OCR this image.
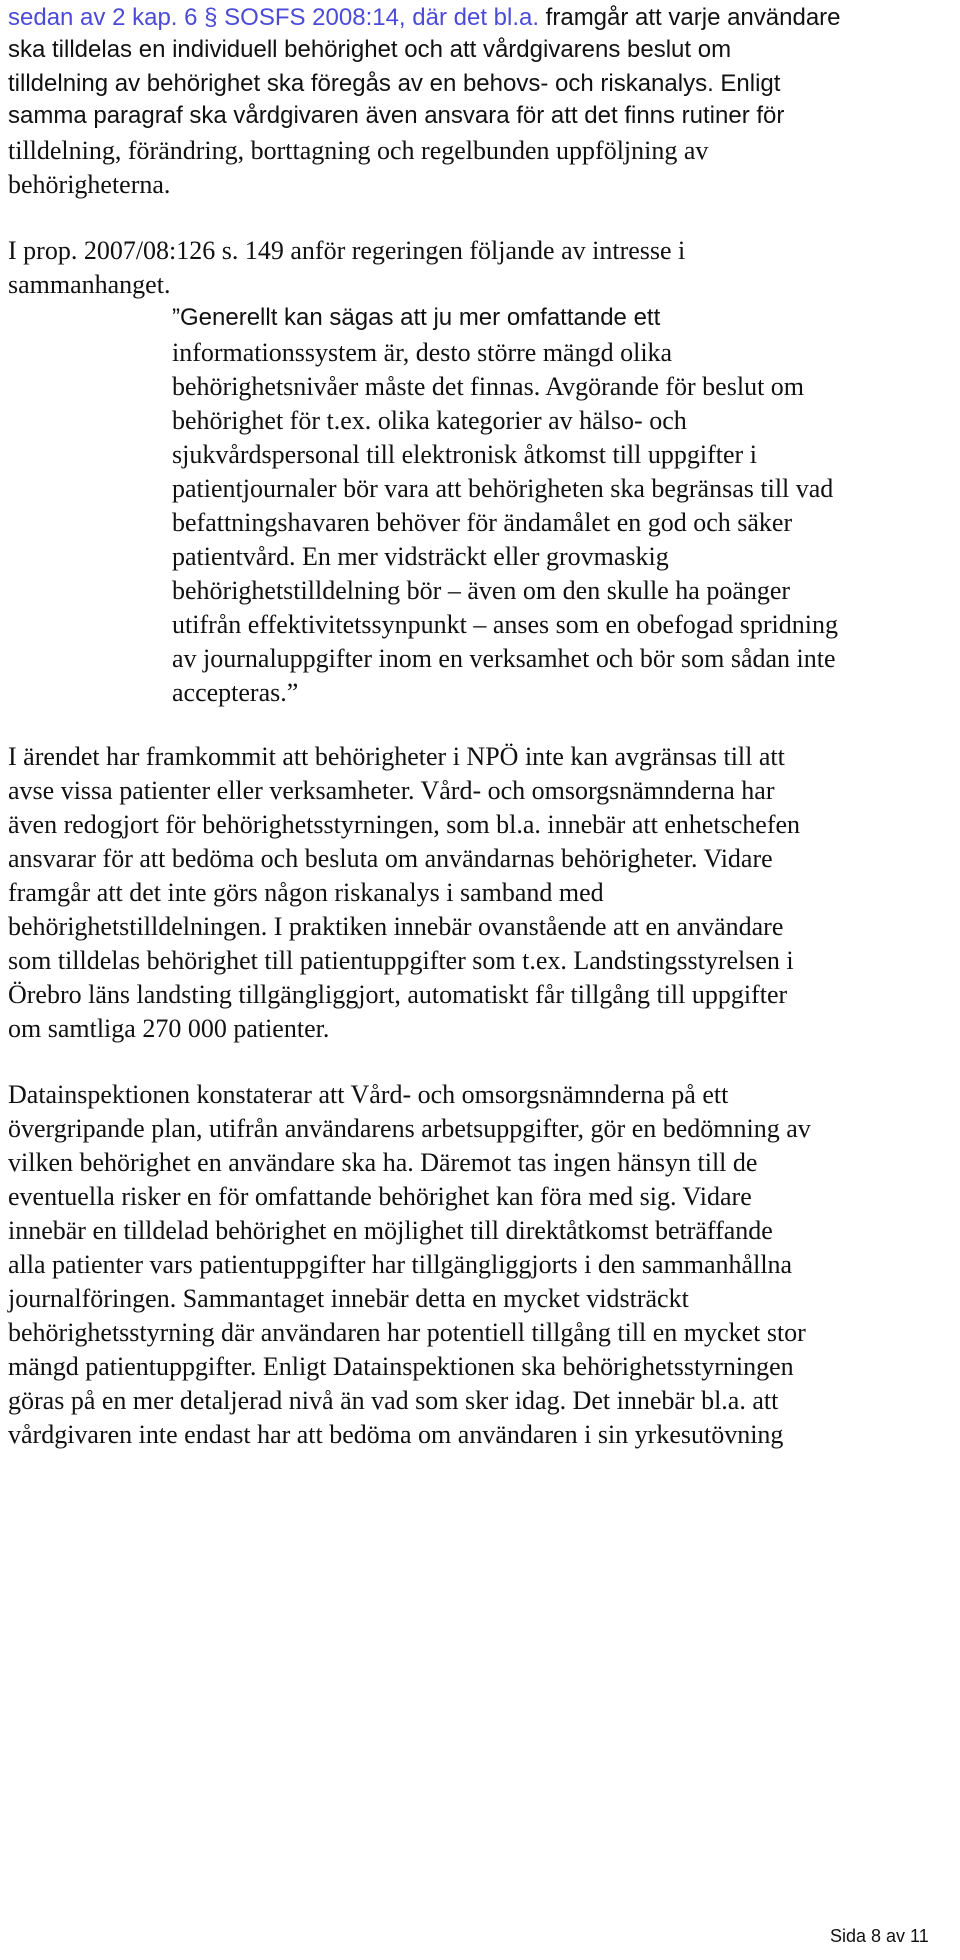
sedan av 2 kap. 6 § SOSFS 2008:14, där det bl.a. framgår att varje användare
ska tilldelas en individuell behörighet och att vårdgivarens beslut om
tilldelning av behörighet ska föregås av en behovs- och riskanalys. Enligt
samma paragraf ska vårdgivaren även ansvara för att det finns rutiner för
tilldelning, förändring, borttagning och regelbunden uppföljning av
behörigheterna.
I prop. 2007/08:126 s. 149 anför regeringen följande av intresse i
sammanhanget.
”Generellt kan sägas att ju mer omfattande ett
informationssystem är, desto större mängd olika
behörighetsnivåer måste det finnas. Avgörande för beslut om
behörighet för t.ex. olika kategorier av hälso- och
sjukvårdspersonal till elektronisk åtkomst till uppgifter i
patientjournaler bör vara att behörigheten ska begränsas till vad
befattningshavaren behöver för ändamålet en god och säker
patientvård. En mer vidsträckt eller grovmaskig
behörighetstilldelning bör – även om den skulle ha poänger
utifrån effektivitetssynpunkt – anses som en obefogad spridning
av journaluppgifter inom en verksamhet och bör som sådan inte
accepteras.”
I ärendet har framkommit att behörigheter i NPÖ inte kan avgränsas till att
avse vissa patienter eller verksamheter. Vård- och omsorgsnämnderna har
även redogjort för behörighetsstyrningen, som bl.a. innebär att enhetschefen
ansvarar för att bedöma och besluta om användarnas behörigheter. Vidare
framgår att det inte görs någon riskanalys i samband med
behörighetstilldelningen. I praktiken innebär ovanstående att en användare
som tilldelas behörighet till patientuppgifter som t.ex. Landstingsstyrelsen i
Örebro läns landsting tillgängliggjort, automatiskt får tillgång till uppgifter
om samtliga 270 000 patienter.
Datainspektionen konstaterar att Vård- och omsorgsnämnderna på ett
övergripande plan, utifrån användarens arbetsuppgifter, gör en bedömning av
vilken behörighet en användare ska ha. Däremot tas ingen hänsyn till de
eventuella risker en för omfattande behörighet kan föra med sig. Vidare
innebär en tilldelad behörighet en möjlighet till direktåtkomst beträffande
alla patienter vars patientuppgifter har tillgängliggjorts i den sammanhållna
journalföringen. Sammantaget innebär detta en mycket vidsträckt
behörighetsstyrning där användaren har potentiell tillgång till en mycket stor
mängd patientuppgifter. Enligt Datainspektionen ska behörighetsstyrningen
göras på en mer detaljerad nivå än vad som sker idag. Det innebär bl.a. att
vårdgivaren inte endast har att bedöma om användaren i sin yrkesutövning
Sida 8 av 11
